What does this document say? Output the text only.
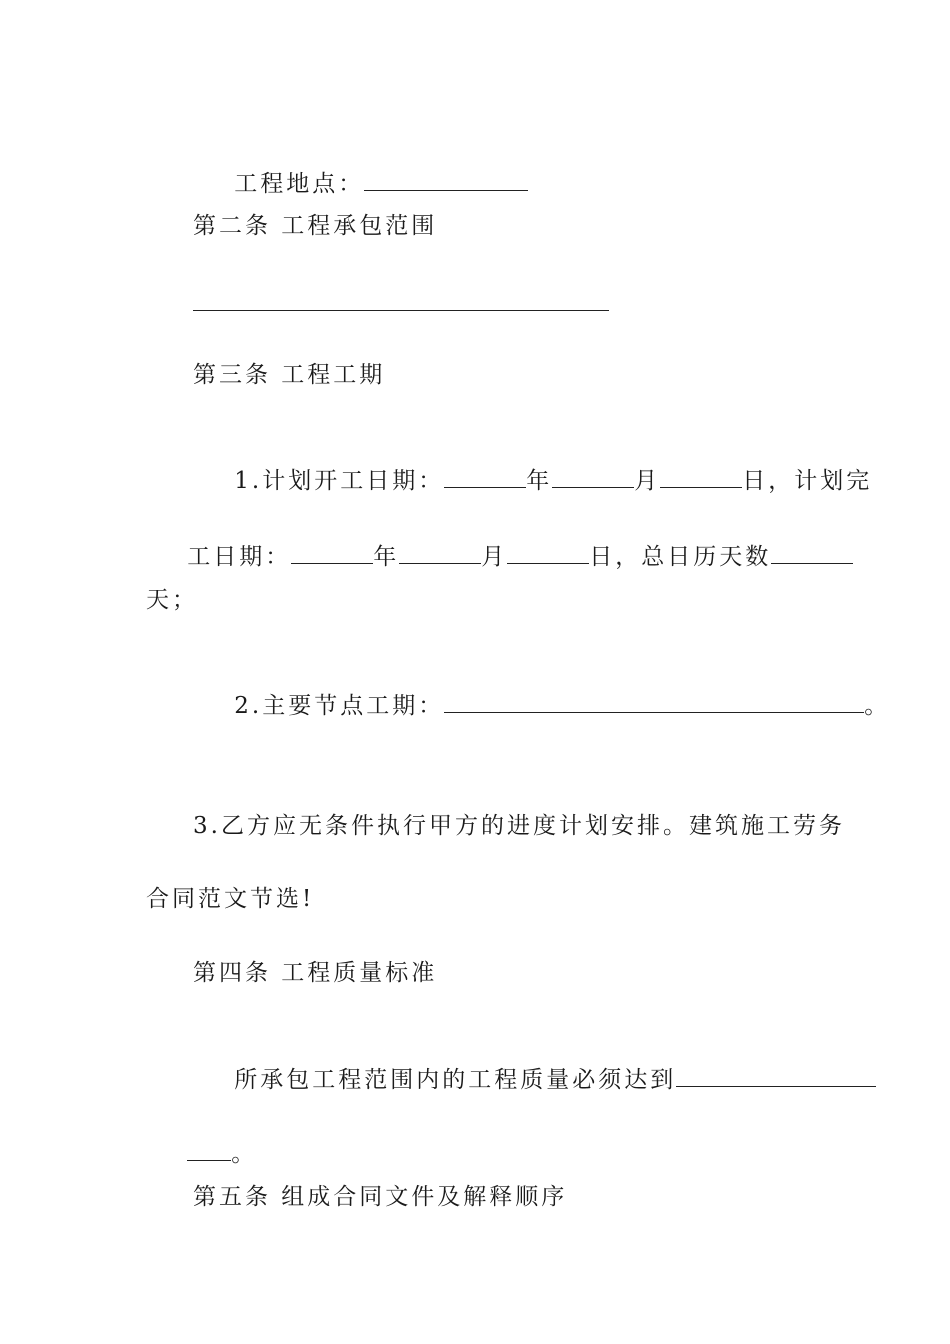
工程地点：

第二条 工程承包范围
第三条 工程工期

1.计划开工日期：	年	月	日，计划完

工日期：	年	月	日，总日历天数

天；

2.主要节点工期：	。

3.乙方应无条件执行甲方的进度计划安排。建筑施工劳务
合同范文节选!
第四条 工程质量标准

所承包工程范围内的工程质量必须达到

。

第五条 组成合同文件及解释顺序
